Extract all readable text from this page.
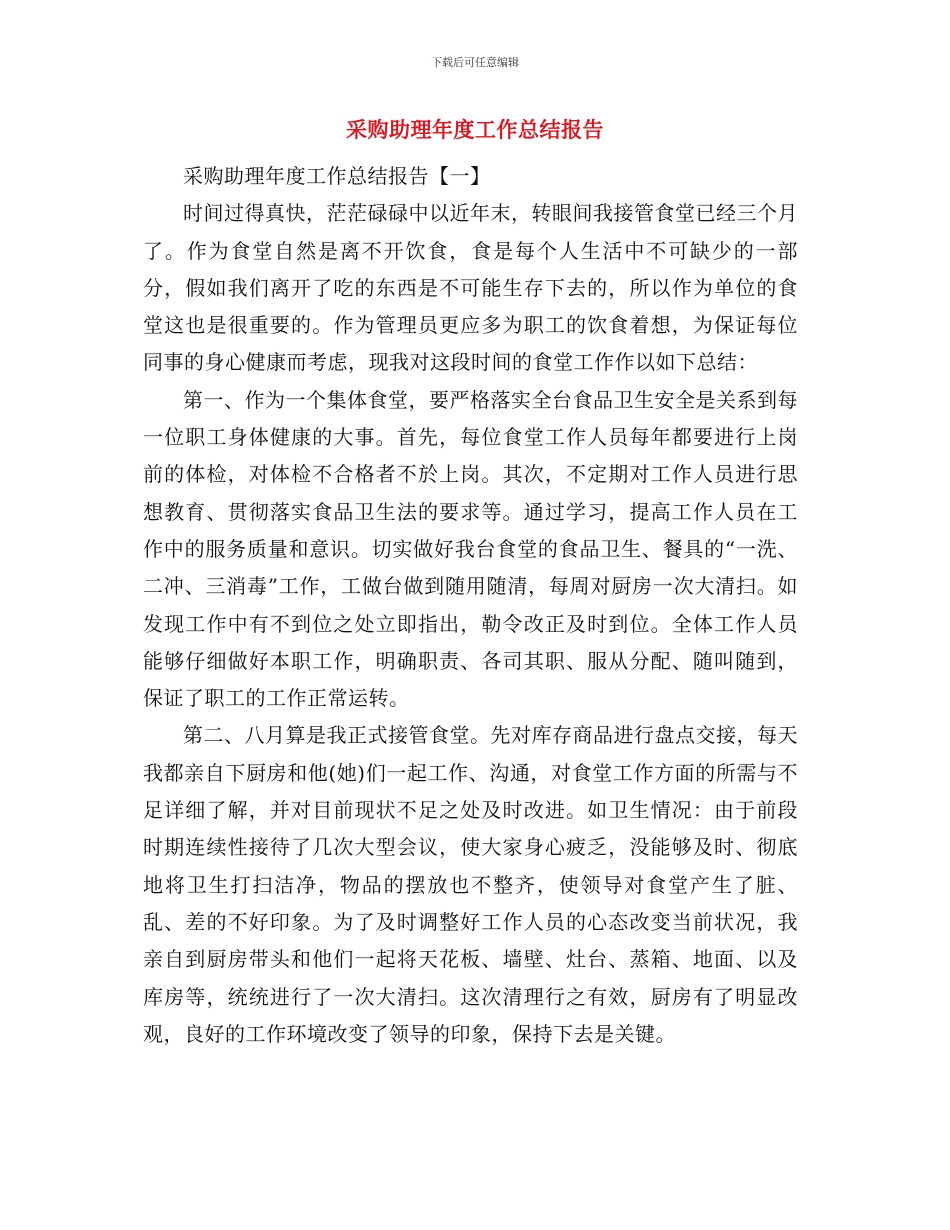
下载后可任意编辑
采购助理年度工作总结报告

采购助理年度工作总结报告【一】

时间过得真快，茫茫碌碌中以近年末，转眼间我接管食堂已经三个月了。作为食堂自然是离不开饮食，食是每个人生活中不可缺少的一部分，假如我们离开了吃的东西是不可能生存下去的，所以作为单位的食堂这也是很重要的。作为管理员更应多为职工的饮食着想，为保证每位同事的身心健康而考虑，现我对这段时间的食堂工作作以如下总结：

第一、作为一个集体食堂，要严格落实全台食品卫生安全是关系到每一位职工身体健康的大事。首先，每位食堂工作人员每年都要进行上岗前的体检，对体检不合格者不於上岗。其次，不定期对工作人员进行思想教育、贯彻落实食品卫生法的要求等。通过学习，提高工作人员在工作中的服务质量和意识。切实做好我台食堂的食品卫生、餐具的“一洗、二冲、三消毒”工作，工做台做到随用随清，每周对厨房一次大清扫。如发现工作中有不到位之处立即指出，勒令改正及时到位。全体工作人员能够仔细做好本职工作，明确职责、各司其职、服从分配、随叫随到，保证了职工的工作正常运转。

第二、八月算是我正式接管食堂。先对库存商品进行盘点交接，每天我都亲自下厨房和他(她)们一起工作、沟通，对食堂工作方面的所需与不足详细了解，并对目前现状不足之处及时改进。如卫生情况：由于前段时期连续性接待了几次大型会议，使大家身心疲乏，没能够及时、彻底地将卫生打扫洁净，物品的摆放也不整齐，使领导对食堂产生了脏、乱、差的不好印象。为了及时调整好工作人员的心态改变当前状况，我亲自到厨房带头和他们一起将天花板、墙壁、灶台、蒸箱、地面、以及库房等，统统进行了一次大清扫。这次清理行之有效，厨房有了明显改观，良好的工作环境改变了领导的印象，保持下去是关键。
